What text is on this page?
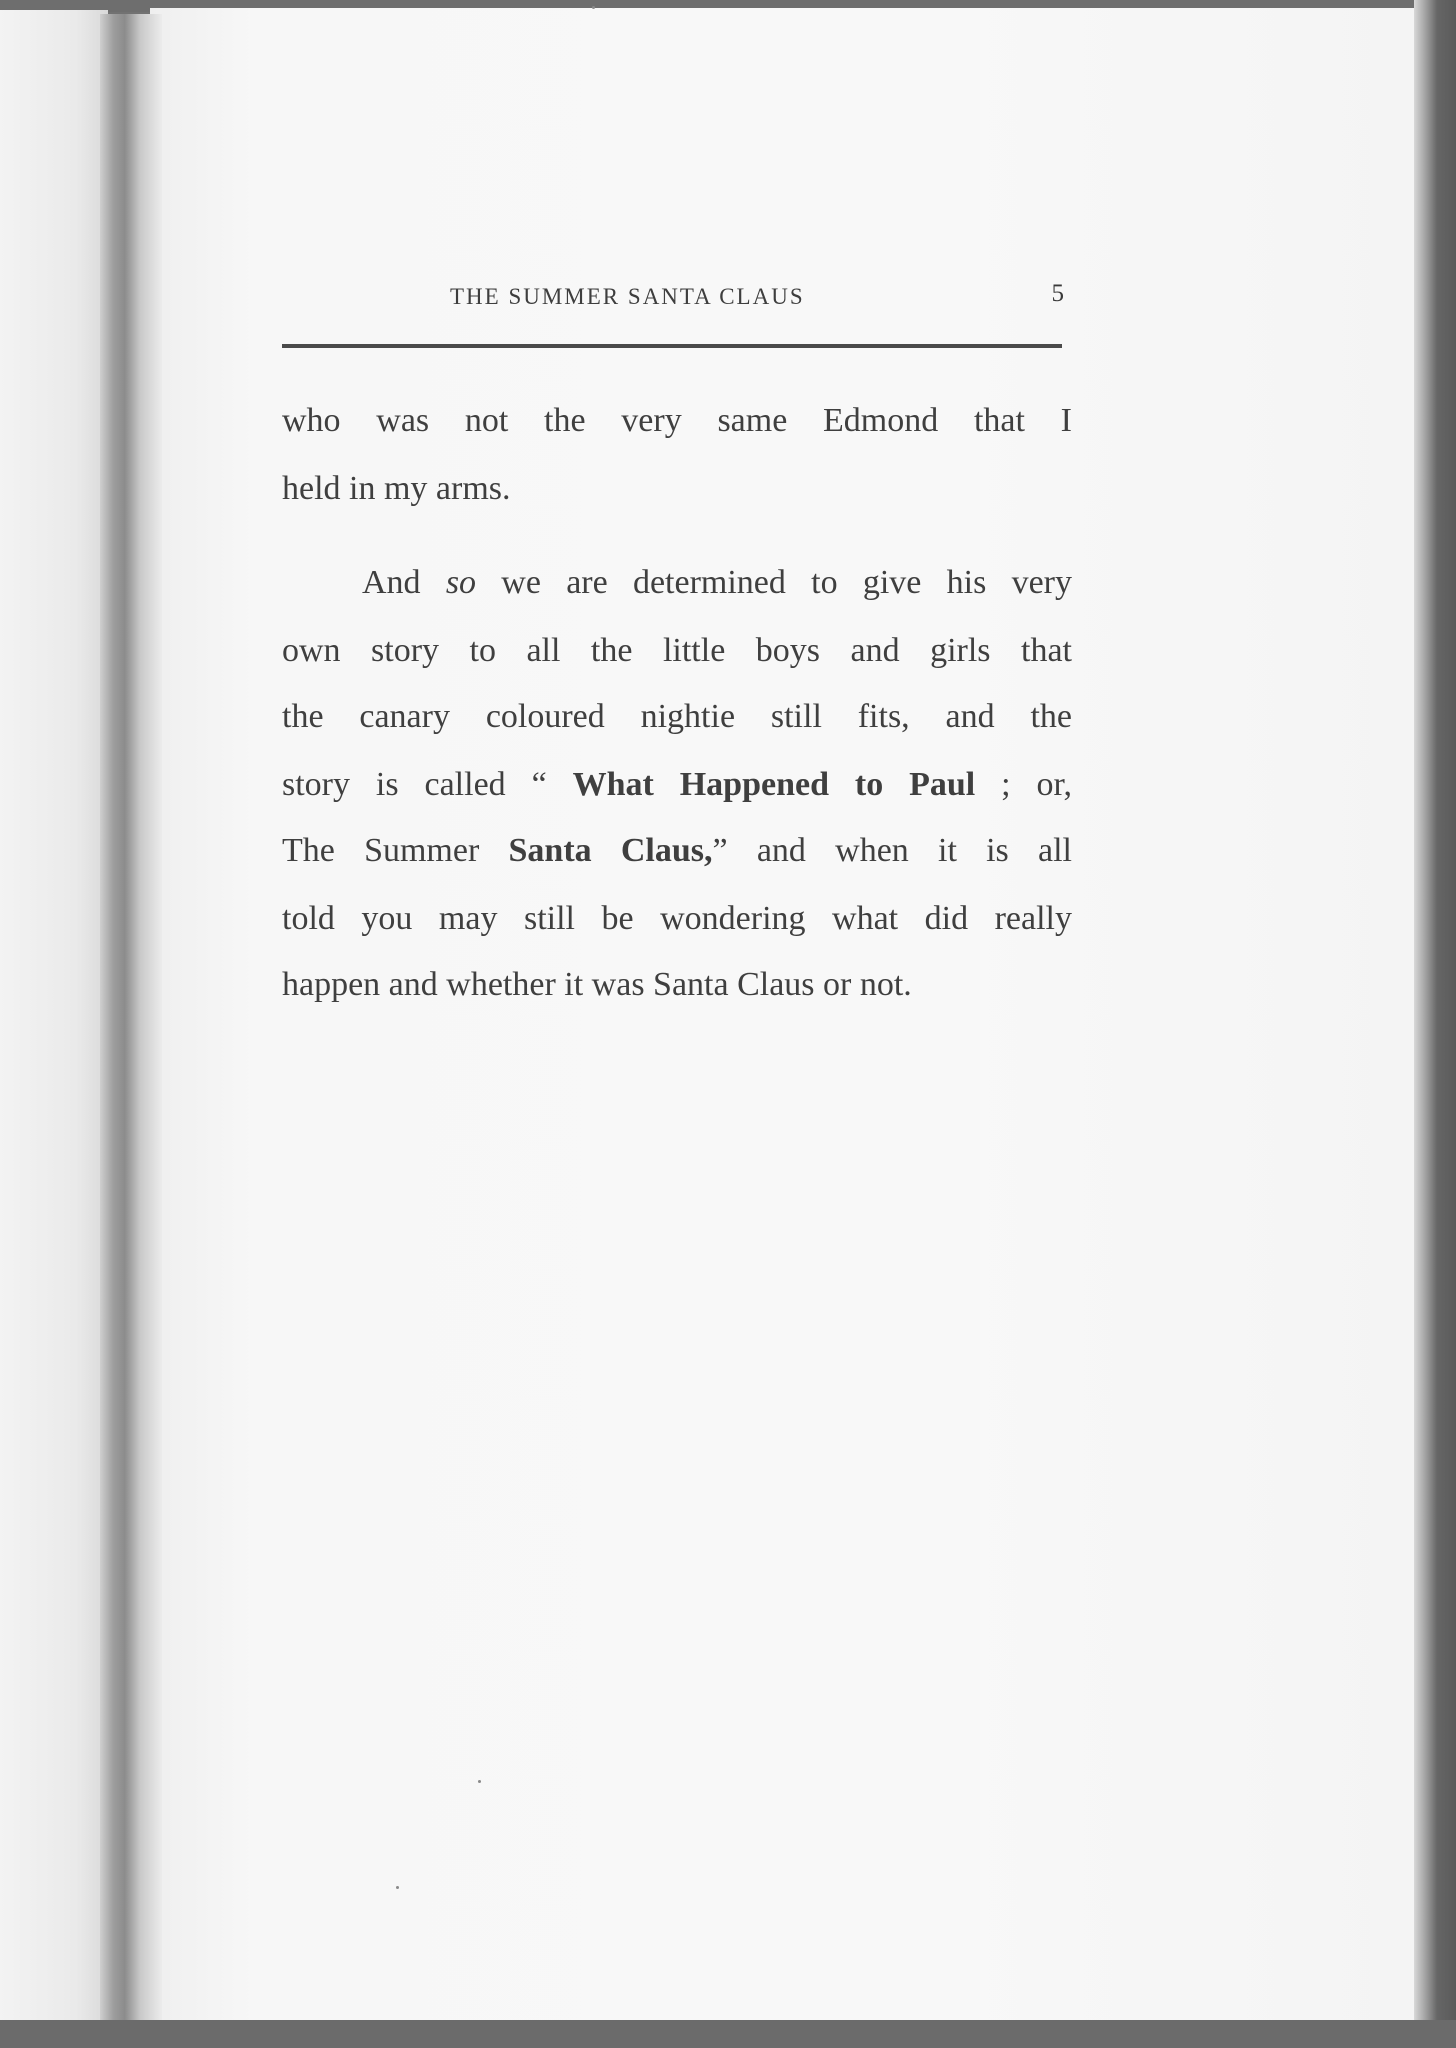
THE SUMMER SANTA CLAUS	5
who was not the very same Edmond that I
held in my arms.
And so we are determined to give his very
own story to all the little boys and girls that
the canary coloured nightie still fits, and the
story is called “ What Happened to Paul ; or,
The Summer Santa Claus,” and when it is all
told you may still be wondering what did really
happen and whether it was Santa Claus or not.
